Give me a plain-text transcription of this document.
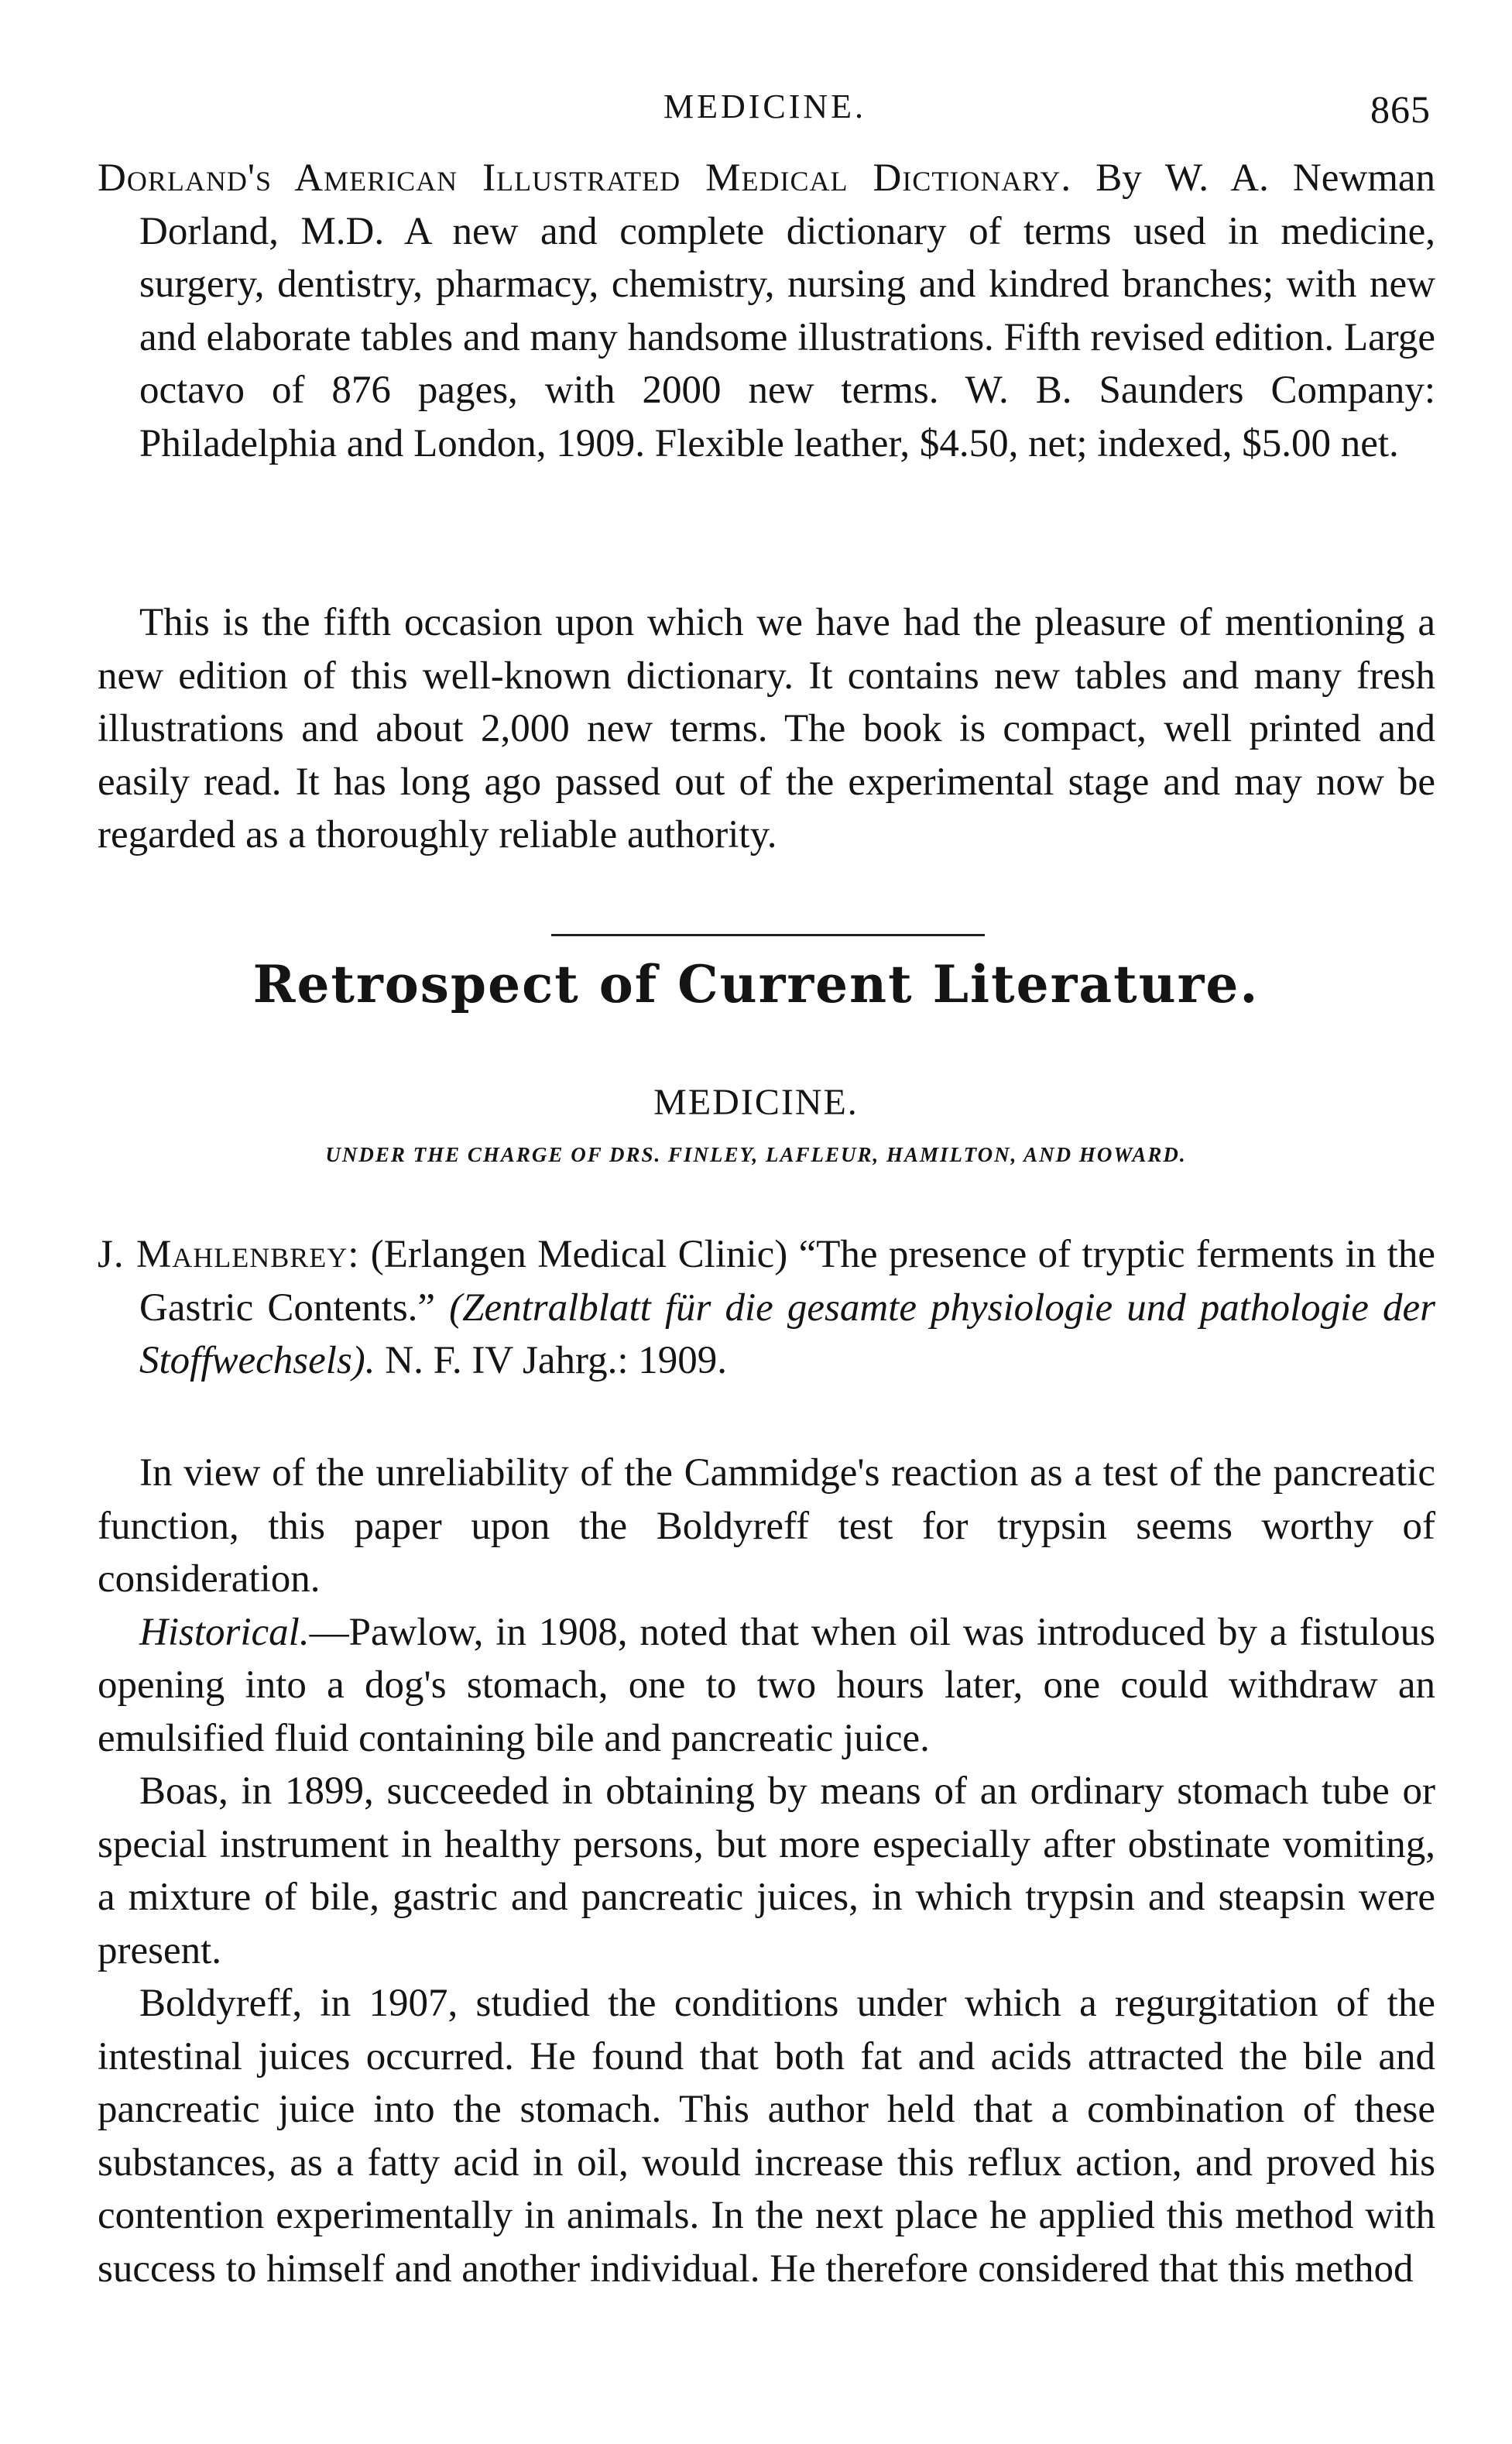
MEDICINE.	865
Dorland's American Illustrated Medical Dictionary. By W. A. Newman Dorland, M.D. A new and complete dictionary of terms used in medicine, surgery, dentistry, pharmacy, chemistry, nursing and kindred branches; with new and elaborate tables and many handsome illustrations. Fifth revised edition. Large octavo of 876 pages, with 2000 new terms. W. B. Saunders Company: Philadelphia and London, 1909. Flexible leather, $4.50, net; indexed, $5.00 net.
This is the fifth occasion upon which we have had the pleasure of mentioning a new edition of this well-known dictionary. It contains new tables and many fresh illustrations and about 2,000 new terms. The book is compact, well printed and easily read. It has long ago passed out of the experimental stage and may now be regarded as a thoroughly reliable authority.
Retrospect of Current Literature.
MEDICINE.
UNDER THE CHARGE OF DRS. FINLEY, LAFLEUR, HAMILTON, AND HOWARD.
J. Mahlenbrey: (Erlangen Medical Clinic) “The presence of tryptic ferments in the Gastric Contents.” (Zentralblatt für die gesamte physiologie und pathologie der Stoffwechsels). N. F. IV Jahrg.: 1909.

In view of the unreliability of the Cammidge's reaction as a test of the pancreatic function, this paper upon the Boldyreff test for trypsin seems worthy of consideration.

Historical.—Pawlow, in 1908, noted that when oil was introduced by a fistulous opening into a dog's stomach, one to two hours later, one could withdraw an emulsified fluid containing bile and pancreatic juice.

Boas, in 1899, succeeded in obtaining by means of an ordinary stomach tube or special instrument in healthy persons, but more especially after obstinate vomiting, a mixture of bile, gastric and pancreatic juices, in which trypsin and steapsin were present.

Boldyreff, in 1907, studied the conditions under which a regurgitation of the intestinal juices occurred. He found that both fat and acids attracted the bile and pancreatic juice into the stomach. This author held that a combination of these substances, as a fatty acid in oil, would increase this reflux action, and proved his contention experimentally in animals. In the next place he applied this method with success to himself and another individual. He therefore considered that this method
